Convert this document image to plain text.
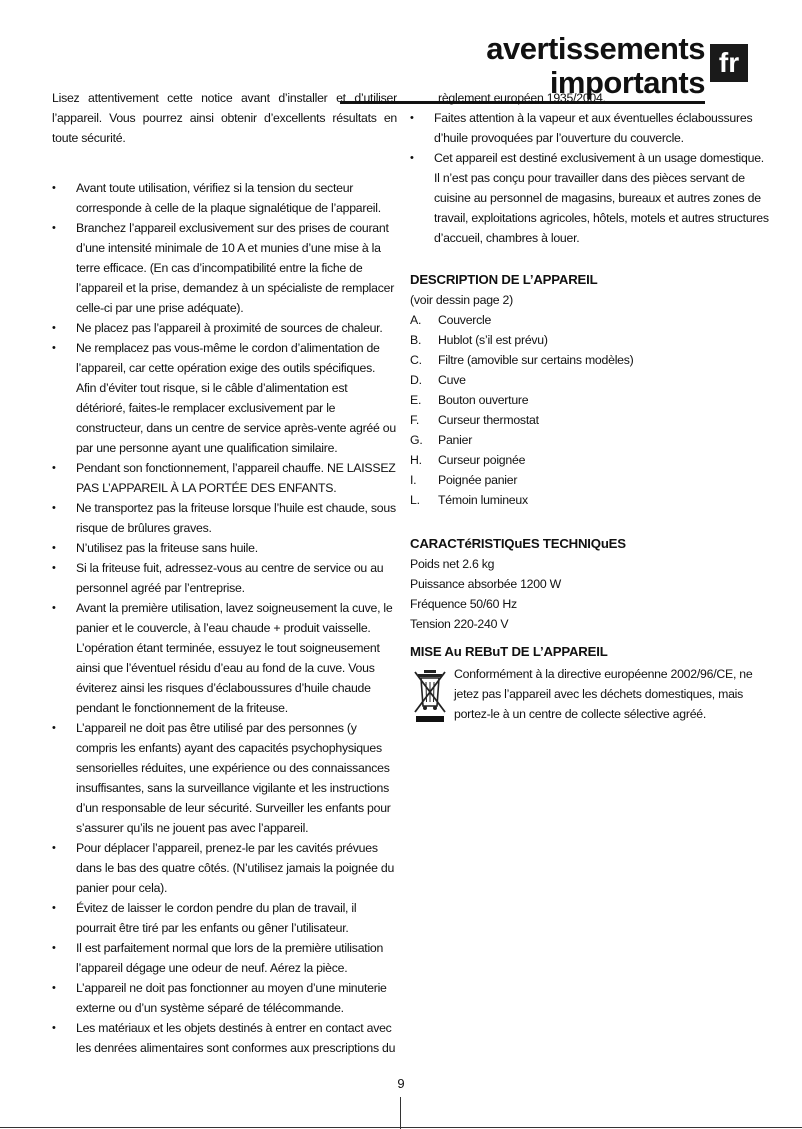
avertissements importants
fr

Lisez attentivement cette notice avant d’installer et d’utiliser l’appareil. Vous pourrez ainsi obtenir d’excellents résultats en toute sécurité.

• Avant toute utilisation, vérifiez si la tension du secteur corresponde à celle de la plaque signalétique de l’appareil.
• Branchez l’appareil exclusivement sur des prises de courant d’une intensité minimale de 10 A et munies d’une mise à la terre efficace. (En cas d’incompatibilité entre la fiche de l’appareil et la prise, demandez à un spécialiste de remplacer celle-ci par une prise adéquate).
• Ne placez pas l’appareil à proximité de sources de chaleur.
• Ne remplacez pas vous-même le cordon d’alimentation de l’appareil, car cette opération exige des outils spécifiques. Afin d’éviter tout risque, si le câble d’alimentation est détérioré, faites-le remplacer exclusivement par le constructeur, dans un centre de service après-vente agréé ou par une personne ayant une qualification similaire.
• Pendant son fonctionnement, l’appareil chauffe. NE LAISSEZ PAS L’APPAREIL À LA PORTÉE DES ENFANTS.
• Ne transportez pas la friteuse lorsque l’huile est chaude, sous risque de brûlures graves.
• N’utilisez pas la friteuse sans huile.
• Si la friteuse fuit, adressez-vous au centre de service ou au personnel agréé par l’entreprise.
• Avant la première utilisation, lavez soigneusement la cuve, le panier et le couvercle, à l’eau chaude + produit vaisselle. L’opération étant terminée, essuyez le tout soigneusement ainsi que l’éventuel résidu d’eau au fond de la cuve. Vous éviterez ainsi les risques d’éclaboussures d’huile chaude pendant le fonctionnement de la friteuse.
• L’appareil ne doit pas être utilisé par des personnes (y compris les enfants) ayant des capacités psychophysiques sensorielles réduites, une expérience ou des connaissances insuffisantes, sans la surveillance vigilante et les instructions d’un responsable de leur sécurité. Surveiller les enfants pour s’assurer qu’ils ne jouent pas avec l’appareil.
• Pour déplacer l’appareil, prenez-le par les cavités prévues dans le bas des quatre côtés. (N’utilisez jamais la poignée du panier pour cela).
• Évitez de laisser le cordon pendre du plan de travail, il pourrait être tiré par les enfants ou gêner l’utilisateur.
• Il est parfaitement normal que lors de la première utilisation l’appareil dégage une odeur de neuf. Aérez la pièce.
• L’appareil ne doit pas fonctionner au moyen d’une minuterie externe ou d’un système séparé de télécommande.
• Les matériaux et les objets destinés à entrer en contact avec les denrées alimentaires sont conformes aux prescriptions du

règlement européen 1935/2004.

• Faites attention à la vapeur et aux éventuelles éclaboussures d’huile provoquées par l’ouverture du couvercle.
• Cet appareil est destiné exclusivement à un usage domestique. Il n’est pas conçu pour travailler dans des pièces servant de cuisine au personnel de magasins, bureaux et autres zones de travail, exploitations agricoles, hôtels, motels et autres structures d’accueil, chambres à louer.
DESCRIPTION DE L’APPAREIL

(voir dessin page 2)

A. Couvercle
B. Hublot (s’il est prévu)
C. Filtre (amovible sur certains modèles)
D. Cuve
E. Bouton ouverture
F. Curseur thermostat
G. Panier
H. Curseur poignée
I. Poignée panier
L. Témoin lumineux
CARACTéRISTIQuES TECHNIQuES

Poids net 2.6 kg

Puissance absorbée 1200 W

Fréquence 50/60 Hz

Tension 220-240 V

MISE Au REBuT DE L’APPAREIL

Conformément à la directive européenne 2002/96/CE, ne jetez pas l’appareil avec les déchets domestiques, mais portez-le à un centre de collecte sélective agréé.

9
